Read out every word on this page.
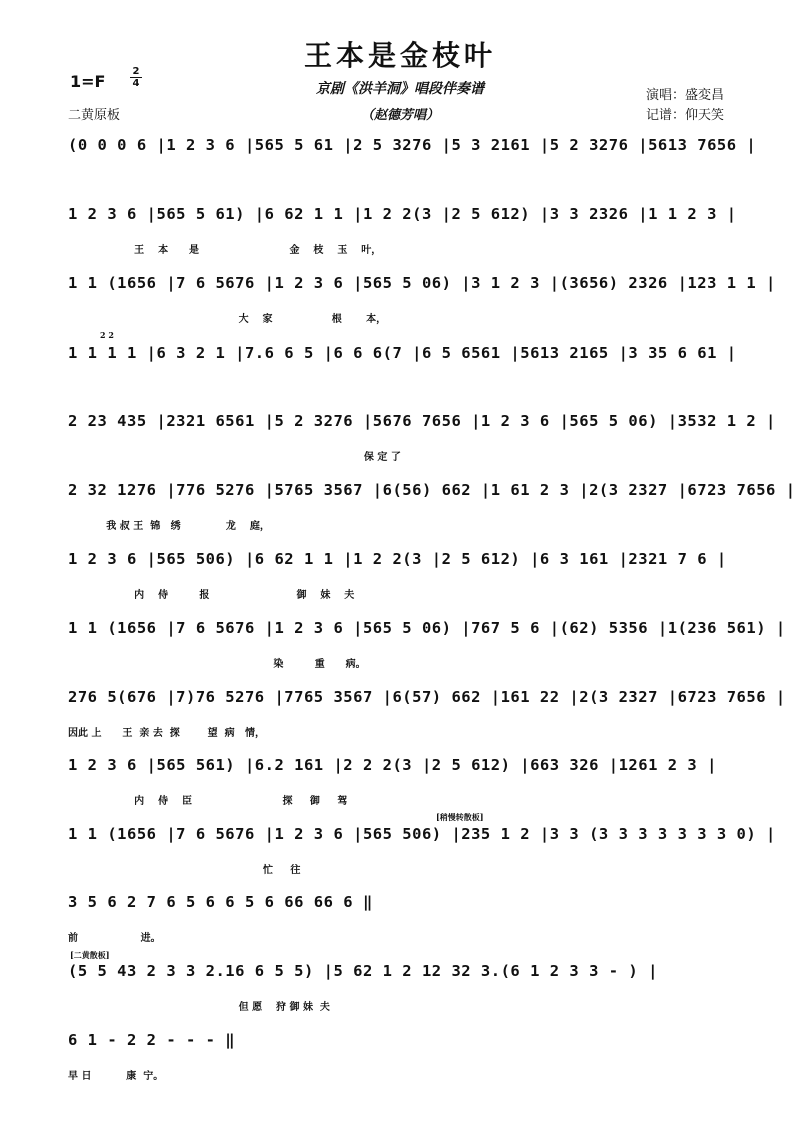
王本是金枝叶
1=F
2
4
二黄原板
京剧《洪羊洞》唱段伴奏谱
（赵德芳唱）
演唱：盛変昌
记谱：仰天笑
(0 0 0 6 |1 2 3 6 |565 5 61 |2 5 3276 |5 3 2161 |5 2 3276 |5613 7656 |
1 2 3 6 |565 5 61) |6 62 1 1 |1 2 2(3 |2 5 612) |3 3 2326 |1 1 2 3 |
王    本      是                          金    枝    玉    叶，
1 1 (1656 |7 6 5676 |1 2 3 6 |565 5 06) |3 1 2 3 |(3656) 2326 |123 1 1 |
大    家                 根       本，
2 2
1 1 1 1 |6 3 2 1 |7.6 6 5 |6 6 6(7 |6 5 6561 |5613 2165 |3 35 6 61 |
2 23 435 |2321 6561 |5 2 3276 |5676 7656 |1 2 3 6 |565 5 06) |3532 1 2 |
保 定 了
2 32 1276 |776 5276 |5765 3567 |6(56) 662 |1 61 2 3 |2(3 2327 |6723 7656 |
我 叔 王  锦   绣             龙    庭，
1 2 3 6 |565 506) |6 62 1 1 |1 2 2(3 |2 5 612) |6 3 161 |2321 7 6 |
内    侍         报                         御    妹    夫
1 1 (1656 |7 6 5676 |1 2 3 6 |565 5 06) |767 5 6 |(62) 5356 |1(236 561) |
染         重      病。
276 5(676 |7)76 5276 |7765 3567 |6(57) 662 |161 22 |2(3 2327 |6723 7656 |
因此 上      王  亲 去  探        望  病   情，
1 2 3 6 |565 561) |6.2 161 |2 2 2(3 |2 5 612) |663 326 |1261 2 3 |
内    侍    臣                          探     御     驾
[稍慢转散板]
1 1 (1656 |7 6 5676 |1 2 3 6 |565 506) |235 1 2 |3 3 (3 3 3 3 3 3 3 0) |
忙     往
3 5 6 2 7 6 5 6 6 5 6 66 66 6 ‖
前                  进。
[二黄散板]
(5 5 43 2 3 3 2.16 6 5 5) |5 62 1 2 12 32 3.(6 1 2 3 3 - ) |
但 愿    狩 御 妹  夫
6 1 - 2 2 - - - ‖
早 日          康  宁。
